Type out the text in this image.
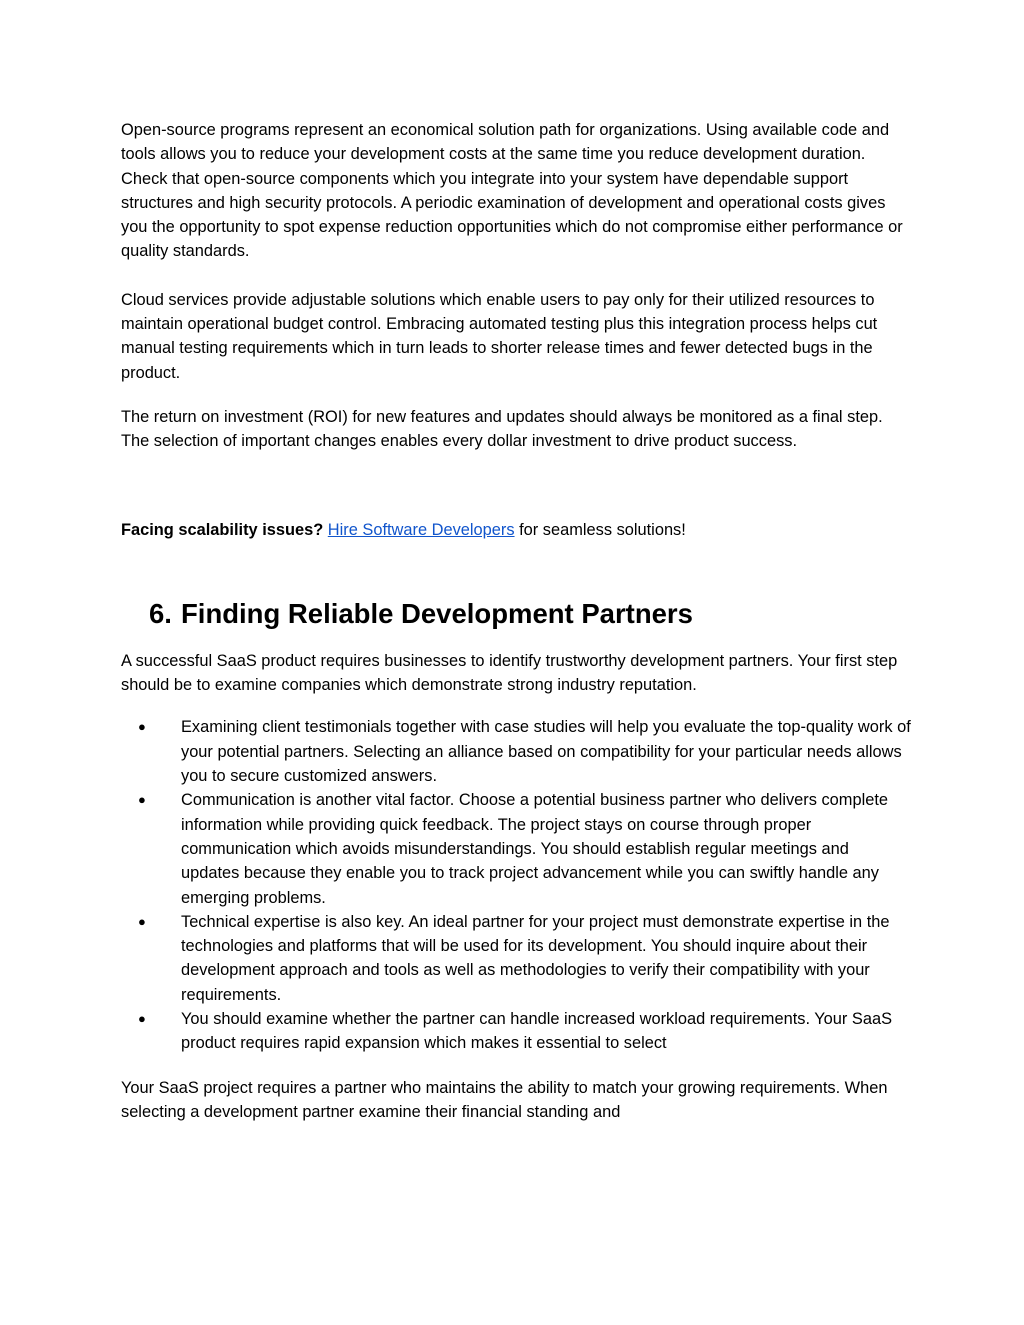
Open-source programs represent an economical solution path for organizations. Using available code and tools allows you to reduce your development costs at the same time you reduce development duration. Check that open-source components which you integrate into your system have dependable support structures and high security protocols. A periodic examination of development and operational costs gives you the opportunity to spot expense reduction opportunities which do not compromise either performance or quality standards.

Cloud services provide adjustable solutions which enable users to pay only for their utilized resources to maintain operational budget control. Embracing automated testing plus this integration process helps cut manual testing requirements which in turn leads to shorter release times and fewer detected bugs in the product.

The return on investment (ROI) for new features and updates should always be monitored as a final step. The selection of important changes enables every dollar investment to drive product success.

Facing scalability issues? Hire Software Developers for seamless solutions!

6. Finding Reliable Development Partners

A successful SaaS product requires businesses to identify trustworthy development partners. Your first step should be to examine companies which demonstrate strong industry reputation.

● Examining client testimonials together with case studies will help you evaluate the top-quality work of your potential partners. Selecting an alliance based on compatibility for your particular needs allows you to secure customized answers.
● Communication is another vital factor. Choose a potential business partner who delivers complete information while providing quick feedback. The project stays on course through proper communication which avoids misunderstandings. You should establish regular meetings and updates because they enable you to track project advancement while you can swiftly handle any emerging problems.
● Technical expertise is also key. An ideal partner for your project must demonstrate expertise in the technologies and platforms that will be used for its development. You should inquire about their development approach and tools as well as methodologies to verify their compatibility with your requirements.
● You should examine whether the partner can handle increased workload requirements. Your SaaS product requires rapid expansion which makes it essential to select

Your SaaS project requires a partner who maintains the ability to match your growing requirements. When selecting a development partner examine their financial standing and
